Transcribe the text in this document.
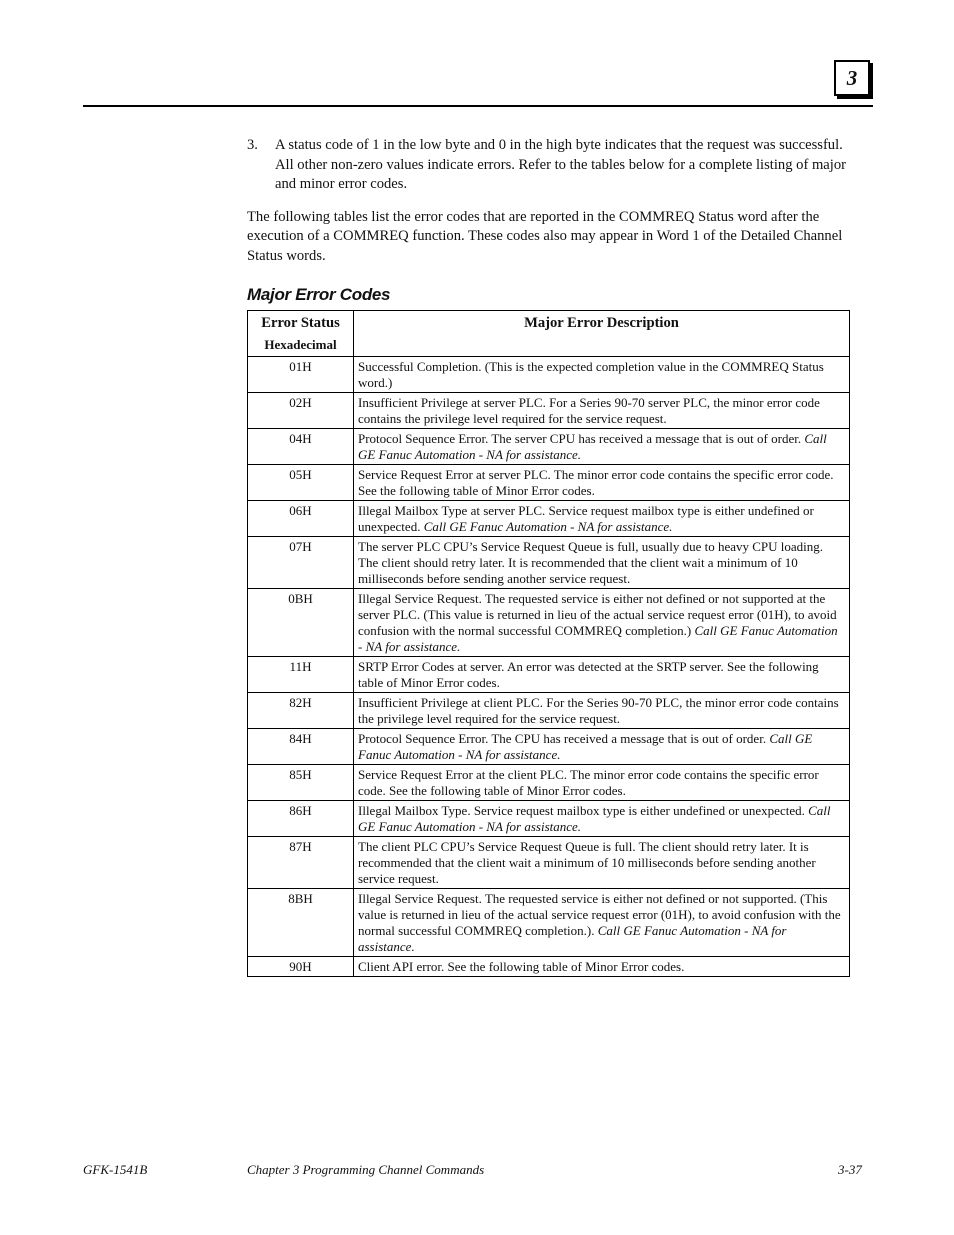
3
3.	A status code of 1 in the low byte and 0 in the high byte indicates that the request was successful. All other non-zero values indicate errors. Refer to the tables below for a complete listing of major and minor error codes.

The following tables list the error codes that are reported in the COMMREQ Status word after the execution of a COMMREQ function. These codes also may appear in Word 1 of the Detailed Channel Status words.

Major Error Codes
Error Status
Hexadecimal	Major Error Description
01H	Successful Completion. (This is the expected completion value in the COMMREQ Status word.)
02H	Insufficient Privilege at server PLC. For a Series 90-70 server PLC, the minor error code contains the privilege level required for the service request.
04H	Protocol Sequence Error. The server CPU has received a message that is out of order. Call GE Fanuc Automation - NA for assistance.
05H	Service Request Error at server PLC. The minor error code contains the specific error code. See the following table of Minor Error codes.
06H	Illegal Mailbox Type at server PLC. Service request mailbox type is either undefined or unexpected. Call GE Fanuc Automation - NA for assistance.
07H	The server PLC CPU’s Service Request Queue is full, usually due to heavy CPU loading. The client should retry later. It is recommended that the client wait a minimum of 10 milliseconds before sending another service request.
0BH	Illegal Service Request. The requested service is either not defined or not supported at the server PLC. (This value is returned in lieu of the actual service request error (01H), to avoid confusion with the normal successful COMMREQ completion.) Call GE Fanuc Automation - NA for assistance.
11H	SRTP Error Codes at server. An error was detected at the SRTP server. See the following table of Minor Error codes.
82H	Insufficient Privilege at client PLC. For the Series 90-70 PLC, the minor error code contains the privilege level required for the service request.
84H	Protocol Sequence Error. The CPU has received a message that is out of order. Call GE Fanuc Automation - NA for assistance.
85H	Service Request Error at the client PLC. The minor error code contains the specific error code. See the following table of Minor Error codes.
86H	Illegal Mailbox Type. Service request mailbox type is either undefined or unexpected. Call GE Fanuc Automation - NA for assistance.
87H	The client PLC CPU’s Service Request Queue is full. The client should retry later. It is recommended that the client wait a minimum of 10 milliseconds before sending another service request.
8BH	Illegal Service Request. The requested service is either not defined or not supported. (This value is returned in lieu of the actual service request error (01H), to avoid confusion with the normal successful COMMREQ completion.). Call GE Fanuc Automation - NA for assistance.
90H	Client API error. See the following table of Minor Error codes.
GFK-1541B	Chapter 3 Programming Channel Commands	3-37
